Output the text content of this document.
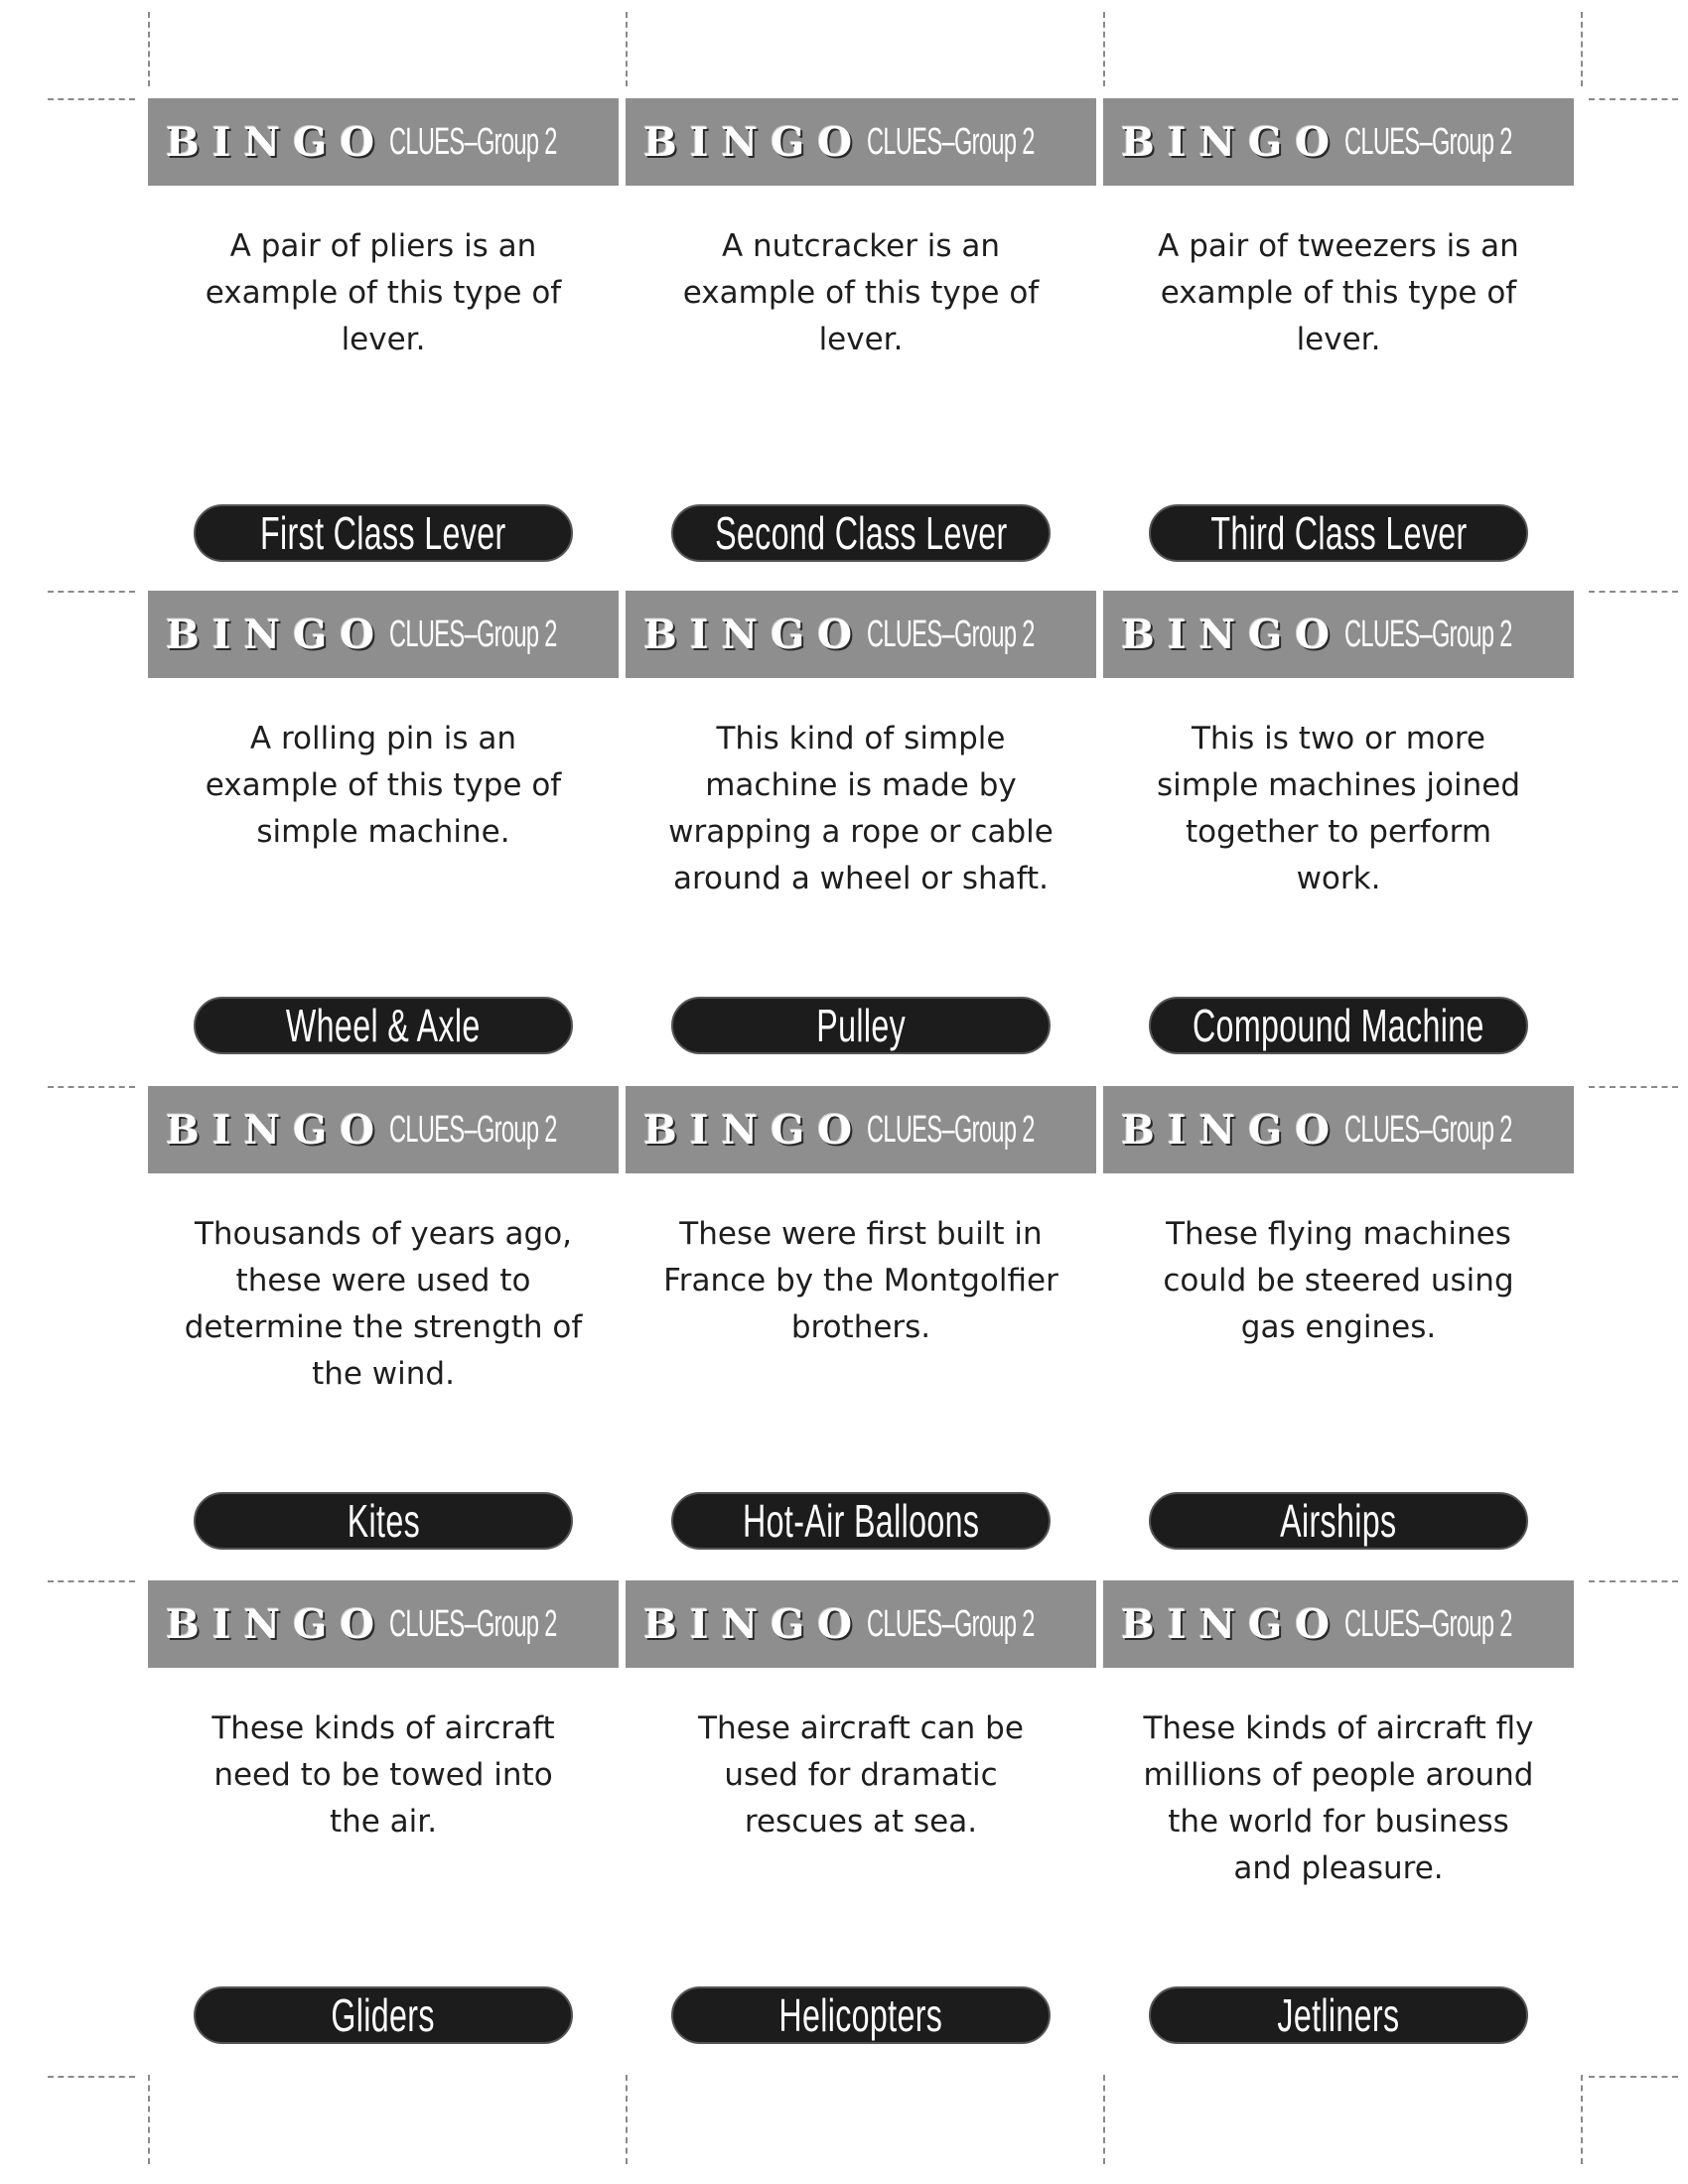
BINGO CLUES–Group 2
A pair of pliers is an example of this type of lever.
First Class Lever
BINGO CLUES–Group 2
A nutcracker is an example of this type of lever.
Second Class Lever
BINGO CLUES–Group 2
A pair of tweezers is an example of this type of lever.
Third Class Lever
BINGO CLUES–Group 2
A rolling pin is an example of this type of simple machine.
Wheel & Axle
BINGO CLUES–Group 2
This kind of simple machine is made by wrapping a rope or cable around a wheel or shaft.
Pulley
BINGO CLUES–Group 2
This is two or more simple machines joined together to perform work.
Compound Machine
BINGO CLUES–Group 2
Thousands of years ago, these were used to determine the strength of the wind.
Kites
BINGO CLUES–Group 2
These were first built in France by the Montgolfier brothers.
Hot-Air Balloons
BINGO CLUES–Group 2
These flying machines could be steered using gas engines.
Airships
BINGO CLUES–Group 2
These kinds of aircraft need to be towed into the air.
Gliders
BINGO CLUES–Group 2
These aircraft can be used for dramatic rescues at sea.
Helicopters
BINGO CLUES–Group 2
These kinds of aircraft fly millions of people around the world for business and pleasure.
Jetliners
